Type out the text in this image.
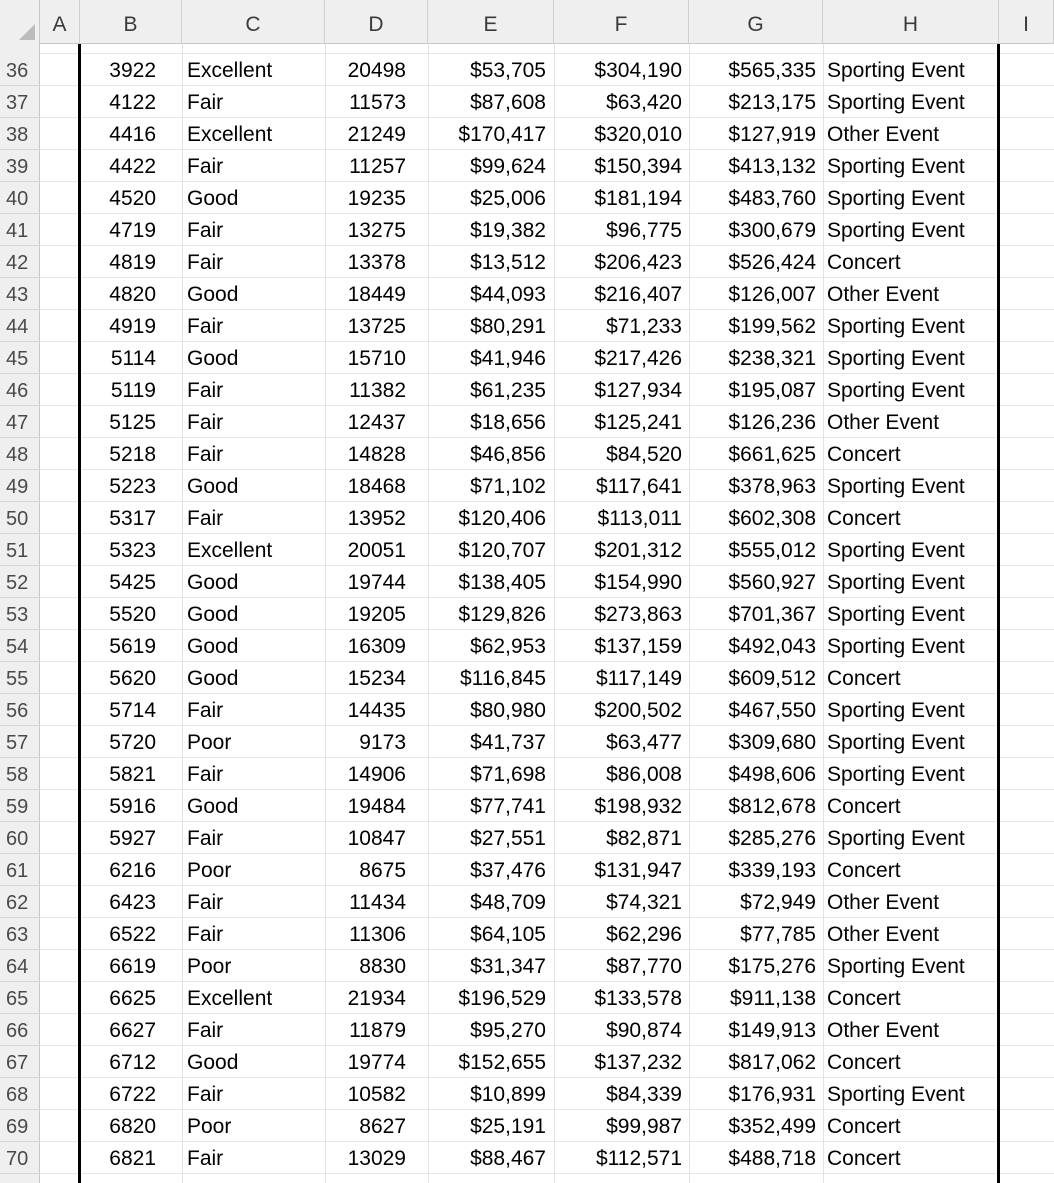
A	B	C	D	E	F	G	H	I
36	3922	Excellent	20498	$53,705	$304,190	$565,335 Sporting Event
37	4122	Fair	11573	$87,608	$63,420	$213,175 Sporting Event
38	4416	Excellent	21249	$170,417	$320,010	$127,919 Other Event
39	4422	Fair	11257	$99,624	$150,394	$413,132 Sporting Event
40	4520	Good	19235	$25,006	$181,194	$483,760 Sporting Event
41	4719	Fair	13275	$19,382	$96,775	$300,679 Sporting Event
42	4819	Fair	13378	$13,512	$206,423	$526,424 Concert
43	4820	Good	18449	$44,093	$216,407	$126,007 Other Event
44	4919	Fair	13725	$80,291	$71,233	$199,562 Sporting Event
45	5114	Good	15710	$41,946	$217,426	$238,321 Sporting Event
46	5119	Fair	11382	$61,235	$127,934	$195,087 Sporting Event
47	5125	Fair	12437	$18,656	$125,241	$126,236 Other Event
48	5218	Fair	14828	$46,856	$84,520	$661,625 Concert
49	5223	Good	18468	$71,102	$117,641	$378,963 Sporting Event
50	5317	Fair	13952	$120,406	$113,011	$602,308 Concert
51	5323	Excellent	20051	$120,707	$201,312	$555,012 Sporting Event
52	5425	Good	19744	$138,405	$154,990	$560,927 Sporting Event
53	5520	Good	19205	$129,826	$273,863	$701,367 Sporting Event
54	5619	Good	16309	$62,953	$137,159	$492,043 Sporting Event
55	5620	Good	15234	$116,845	$117,149	$609,512 Concert
56	5714	Fair	14435	$80,980	$200,502	$467,550 Sporting Event
57	5720	Poor	9173	$41,737	$63,477	$309,680 Sporting Event
58	5821	Fair	14906	$71,698	$86,008	$498,606 Sporting Event
59	5916	Good	19484	$77,741	$198,932	$812,678 Concert
60	5927	Fair	10847	$27,551	$82,871	$285,276 Sporting Event
61	6216	Poor	8675	$37,476	$131,947	$339,193 Concert
62	6423	Fair	11434	$48,709	$74,321	$72,949 Other Event
63	6522	Fair	11306	$64,105	$62,296	$77,785 Other Event
64	6619	Poor	8830	$31,347	$87,770	$175,276 Sporting Event
65	6625	Excellent	21934	$196,529	$133,578	$911,138 Concert
66	6627	Fair	11879	$95,270	$90,874	$149,913 Other Event
67	6712	Good	19774	$152,655	$137,232	$817,062 Concert
68	6722	Fair	10582	$10,899	$84,339	$176,931 Sporting Event
69	6820	Poor	8627	$25,191	$99,987	$352,499 Concert
70	6821	Fair	13029	$88,467	$112,571	$488,718 Concert
